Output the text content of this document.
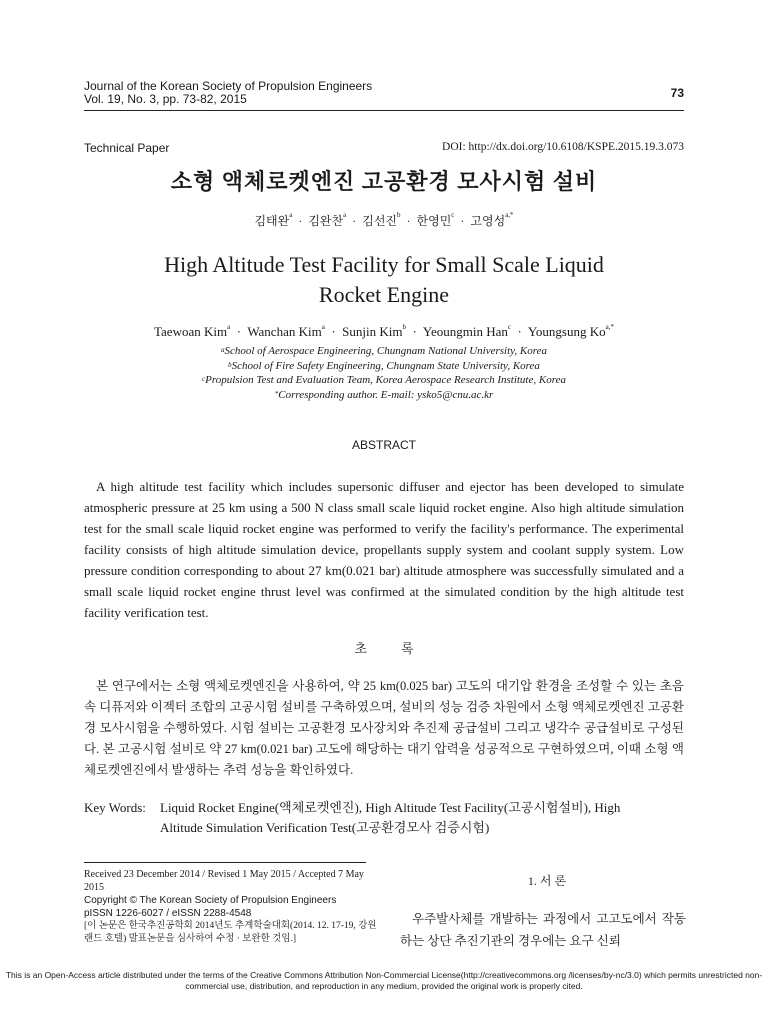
Journal of the Korean Society of Propulsion Engineers
Vol. 19, No. 3, pp. 73-82, 2015	73
Technical Paper	DOI: http://dx.doi.org/10.6108/KSPE.2015.19.3.073
소형 액체로켓엔진 고공환경 모사시험 설비
김태완$^a$  ·  김완찬$^a$  ·  김선진$^b$  ·  한영민$^c$  ·  고영성$^{a,*}$
High Altitude Test Facility for Small Scale Liquid
Rocket Engine
Taewoan Kim$^a$  ·  Wanchan Kim$^a$  ·  Sunjin Kim$^b$  ·  Yeoungmin Han$^c$  ·  Youngsung $Ko^{a,*}$
$^a$School of Aerospace Engineering, Chungnam National University, Korea
$^b$School of Fire Safety Engineering, Chungnam State University, Korea
$^c$Propulsion Test and Evaluation Team, Korea Aerospace Research Institute, Korea
*Corresponding author. E-mail: ysko5@cnu.ac.kr
ABSTRACT
A high altitude test facility which includes supersonic diffuser and ejector has been developed to simulate atmospheric pressure at 25 km using a 500 N class small scale liquid rocket engine. Also high altitude simulation test for the small scale liquid rocket engine was performed to verify the facility's performance. The experimental facility consists of high altitude simulation device, propellants supply system and coolant supply system. Low pressure condition corresponding to about 27 km(0.021 bar) altitude atmosphere was successfully simulated and a small scale liquid rocket engine thrust level was confirmed at the simulated condition by the high altitude test facility verification test.
초록
본 연구에서는 소형 액체로켓엔진을 사용하여, 약 25 km(0.025 bar) 고도의 대기압 환경을 조성할 수 있는 초음속 디퓨저와 이젝터 조합의 고공시험 설비를 구축하였으며, 설비의 성능 검증 차원에서 소형 액체로켓엔진 고공환경 모사시험을 수행하였다. 시험 설비는 고공환경 모사장치와 추진제 공급설비 그리고 냉각수 공급설비로 구성된다. 본 고공시험 설비로 약 27 km(0.021 bar) 고도에 해당하는 대기 압력을 성공적으로 구현하였으며, 이때 소형 액체로켓엔진에서 발생하는 추력 성능을 확인하였다.
Key Words: Liquid Rocket Engine(액체로켓엔진), High Altitude Test Facility(고공시험설비), High
Altitude Simulation Verification Test(고공환경모사 검증시험)
Received 23 December 2014 / Revised 1 May 2015 / Accepted 7 May 2015
Copyright © The Korean Society of Propulsion Engineers
pISSN 1226-6027 / eISSN 2288-4548
[이 논문은 한국추진공학회 2014년도 추계학술대회(2014. 12. 17-19, 강원랜드 호텔) 발표논문을 심사하여 수정 · 보완한 것임.]
1. 서 론
우주발사체를 개발하는 과정에서 고고도에서 작동하는 상단 추진기관의 경우에는 요구 신뢰
This is an Open-Access article distributed under the terms of the Creative Commons Attribution Non-Commercial License(http://creativecommons.org /licenses/by-nc/3.0) which permits unrestricted non-commercial use, distribution, and reproduction in any medium, provided the original work is properly cited.
